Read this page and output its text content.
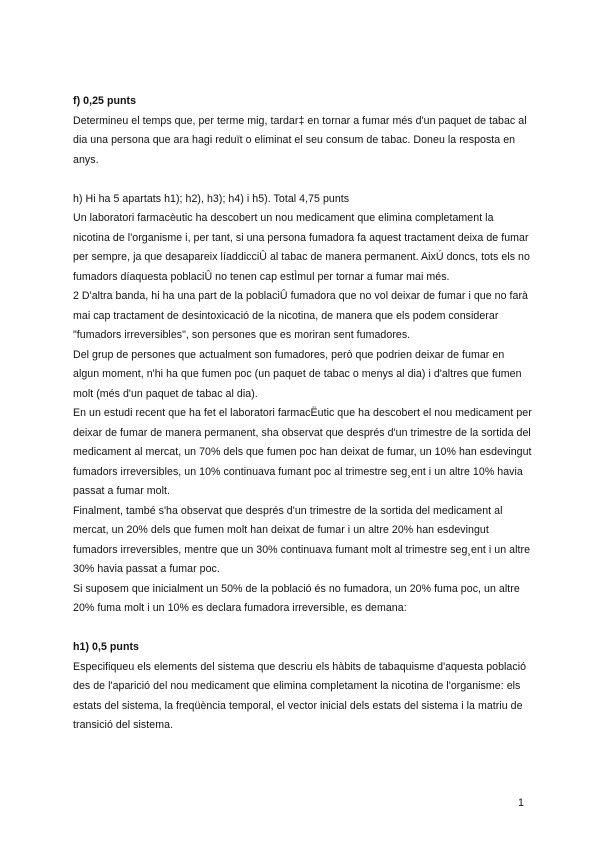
f) 0,25 punts

Determineu el temps que, per terme mig, tardar‡ en tornar a fumar més d'un paquet de tabac al dia una persona que ara hagi reduït o eliminat el seu consum de tabac. Doneu la resposta en anys.

h) Hi ha 5 apartats h1); h2), h3); h4) i h5). Total 4,75 punts

Un laboratori farmacèutic ha descobert un nou medicament que elimina completament la nicotina de l'organisme i, per tant, si una persona fumadora fa aquest tractament deixa de fumar per sempre, ja que desapareix líaddicciÛ al tabac de manera permanent. AixÚ doncs, tots els no fumadors díaquesta poblaciÛ no tenen cap estÌmul per tornar a fumar mai més.

2 D'altra banda, hi ha una part de la poblaciÛ fumadora que no vol deixar de fumar i que no farà mai cap tractament de desintoxicació de la nicotina, de manera que els podem considerar "fumadors irreversibles", son persones que es moriran sent fumadores.

Del grup de persones que actualment son fumadores, però que podrien deixar de fumar en algun moment, n'hi ha que fumen poc (un paquet de tabac o menys al dia) i d'altres que fumen molt (més d'un paquet de tabac al dia).

En un estudi recent que ha fet el laboratori farmacËutic que ha descobert el nou medicament per deixar de fumar de manera permanent, sha observat que després d'un trimestre de la sortida del medicament al mercat, un 70% dels que fumen poc han deixat de fumar, un 10% han esdevingut fumadors irreversibles, un 10% continuava fumant poc al trimestre seg¸ent i un altre 10% havia passat a fumar molt.

Finalment, també s'ha observat que després d'un trimestre de la sortida del medicament al mercat, un 20% dels que fumen molt han deixat de fumar i un altre 20% han esdevingut fumadors irreversibles, mentre que un 30% continuava fumant molt al trimestre seg¸ent i un altre 30% havia passat a fumar poc.

Si suposem que inicialment un 50% de la població és no fumadora, un 20% fuma poc, un altre 20% fuma molt i un 10% es declara fumadora irreversible, es demana:

h1) 0,5 punts

Especifiqueu els elements del sistema que descriu els hàbits de tabaquisme d'aquesta població des de l'aparició del nou medicament que elimina completament la nicotina de l'organisme: els estats del sistema, la freqüència temporal, el vector inicial dels estats del sistema i la matriu de transició del sistema.

1
